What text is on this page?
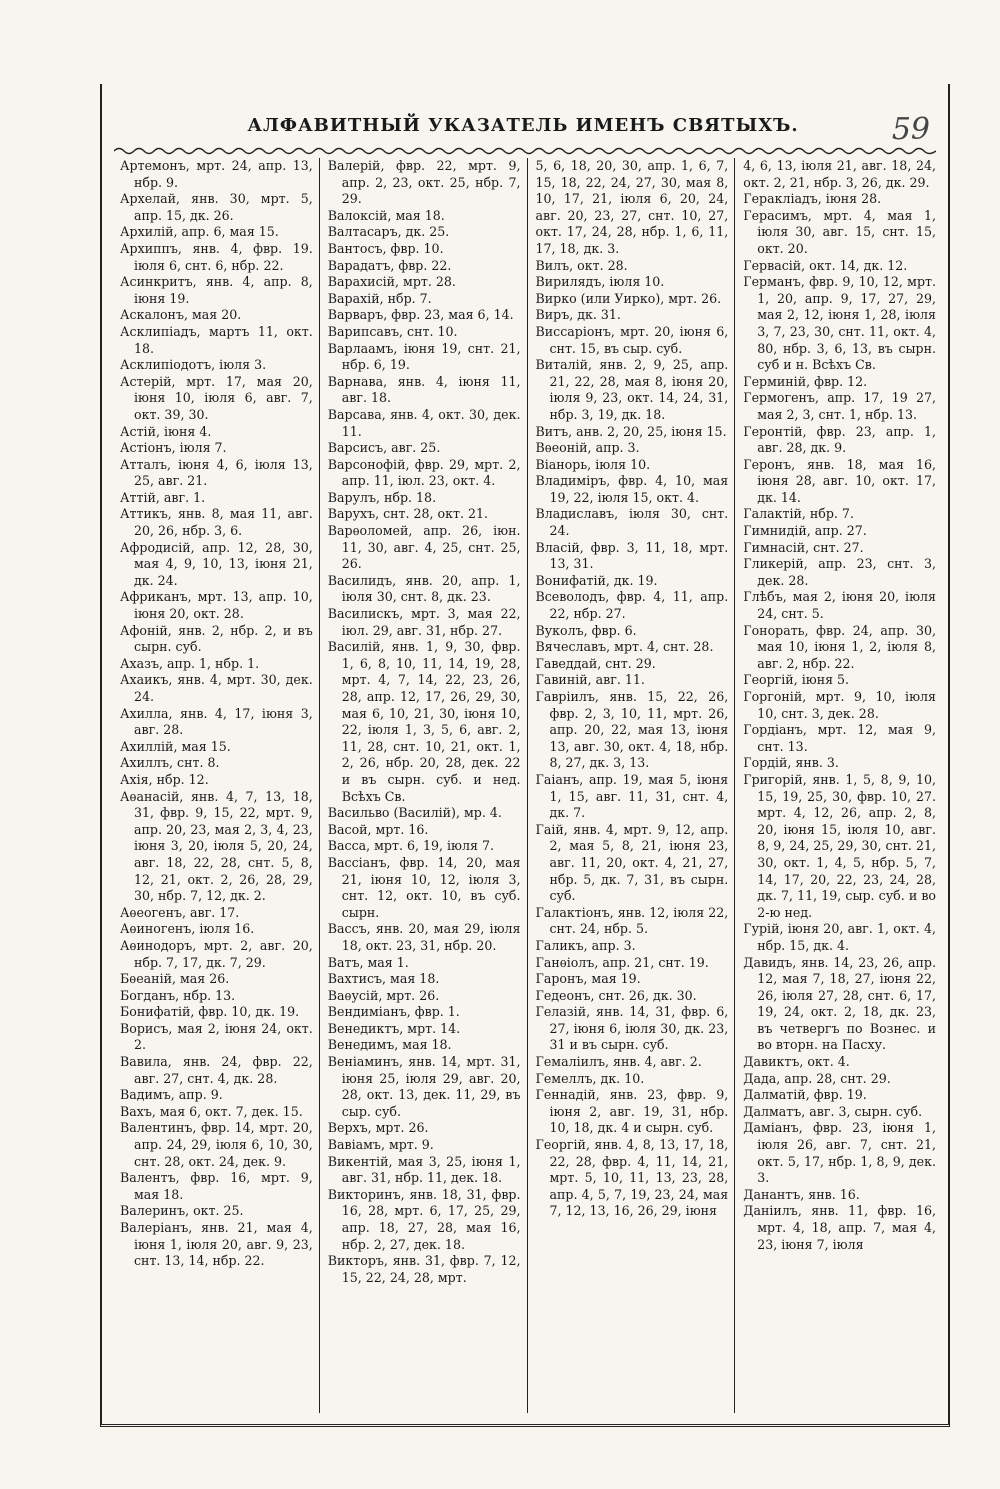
АЛФАВИТНЫЙ УКАЗАТЕЛЬ ИМЕНЪ СВЯТЫХЪ.	59
Артемонъ, мрт. 24, апр. 13, нбр. 9.
Архелай, янв. 30, мрт. 5, апр. 15, дк. 26.
Архилій, апр. 6, мая 15.
Архиппъ, янв. 4, фвр. 19. іюля 6, снт. 6, нбр. 22.
Асинкритъ, янв. 4, апр. 8, іюня 19.
Аскалонъ, мая 20.
Асклипіадъ, мартъ 11, окт. 18.
Асклипіодотъ, іюля 3.
Астерій, мрт. 17, мая 20, іюня 10, іюля 6, авг. 7, окт. 39, 30.
Астій, іюня 4.
Астіонъ, іюля 7.
Атталъ, іюня 4, 6, іюля 13, 25, авг. 21.
Аттій, авг. 1.
Аттикъ, янв. 8, мая 11, авг. 20, 26, нбр. 3, 6.
Афродисій, апр. 12, 28, 30, мая 4, 9, 10, 13, іюня 21, дк. 24.
Африканъ, мрт. 13, апр. 10, іюня 20, окт. 28.
Афоній, янв. 2, нбр. 2, и въ сырн. суб.
Ахазъ, апр. 1, нбр. 1.
Ахаикъ, янв. 4, мрт. 30, дек. 24.
Ахилла, янв. 4, 17, іюня 3, авг. 28.
Ахиллій, мая 15.
Ахиллъ, снт. 8.
Ахія, нбр. 12.
Аѳанасій, янв. 4, 7, 13, 18, 31, фвр. 9, 15, 22, мрт. 9, апр. 20, 23, мая 2, 3, 4, 23, іюня 3, 20, іюля 5, 20, 24, авг. 18, 22, 28, снт. 5, 8, 12, 21, окт. 2, 26, 28, 29, 30, нбр. 7, 12, дк. 2.
Аѳеогенъ, авг. 17.
Аѳиногенъ, іюля 16.
Аѳинодоръ, мрт. 2, авг. 20, нбр. 7, 17, дк. 7, 29.
Бѳеаній, мая 26.
Богданъ, нбр. 13.
Бонифатій, фвр. 10, дк. 19.
Ворисъ, мая 2, іюня 24, окт. 2.
Вавила, янв. 24, фвр. 22, авг. 27, снт. 4, дк. 28.
Вадимъ, апр. 9.
Вахъ, мая 6, окт. 7, дек. 15.
Валентинъ, фвр. 14, мрт. 20, апр. 24, 29, іюля 6, 10, 30, снт. 28, окт. 24, дек. 9.
Валентъ, фвр. 16, мрт. 9, мая 18.
Валеринъ, окт. 25.
Валеріанъ, янв. 21, мая 4, іюня 1, іюля 20, авг. 9, 23, снт. 13, 14, нбр. 22.
Валерій, фвр. 22, мрт. 9, апр. 2, 23, окт. 25, нбр. 7, 29.
Валоксій, мая 18.
Валтасаръ, дк. 25.
Вантосъ, фвр. 10.
Варадатъ, фвр. 22.
Варахисій, мрт. 28.
Варахій, нбр. 7.
Варваръ, фвр. 23, мая 6, 14.
Варипсавъ, снт. 10.
Варлаамъ, іюня 19, снт. 21, нбр. 6, 19.
Варнава, янв. 4, іюня 11, авг. 18.
Варсава, янв. 4, окт. 30, дек. 11.
Варсисъ, авг. 25.
Варсонофій, фвр. 29, мрт. 2, апр. 11, іюл. 23, окт. 4.
Варулъ, нбр. 18.
Варухъ, снт. 28, окт. 21.
Варѳоломей, апр. 26, іюн. 11, 30, авг. 4, 25, снт. 25, 26.
Василидъ, янв. 20, апр. 1, іюля 30, снт. 8, дк. 23.
Василискъ, мрт. 3, мая 22, іюл. 29, авг. 31, нбр. 27.
Василій, янв. 1, 9, 30, фвр. 1, 6, 8, 10, 11, 14, 19, 28, мрт. 4, 7, 14, 22, 23, 26, 28, апр. 12, 17, 26, 29, 30, мая 6, 10, 21, 30, іюня 10, 22, іюля 1, 3, 5, 6, авг. 2, 11, 28, снт. 10, 21, окт. 1, 2, 26, нбр. 20, 28, дек. 22 и въ сырн. суб. и нед. Всѣхъ Св.
Васильво (Василій), мр. 4.
Васой, мрт. 16.
Васса, мрт. 6, 19, іюля 7.
Вассіанъ, фвр. 14, 20, мая 21, іюня 10, 12, іюля 3, снт. 12, окт. 10, въ суб. сырн.
Вассъ, янв. 20, мая 29, іюля 18, окт. 23, 31, нбр. 20.
Ватъ, мая 1.
Вахтисъ, мая 18.
Ваѳусій, мрт. 26.
Вендиміанъ, фвр. 1.
Венедиктъ, мрт. 14.
Венедимъ, мая 18.
Веніаминъ, янв. 14, мрт. 31, іюня 25, іюля 29, авг. 20, 28, окт. 13, дек. 11, 29, въ сыр. суб.
Верхъ, мрт. 26.
Вавіамъ, мрт. 9.
Викентій, мая 3, 25, іюня 1, авг. 31, нбр. 11, дек. 18.
Викторинъ, янв. 18, 31, фвр. 16, 28, мрт. 6, 17, 25, 29, апр. 18, 27, 28, мая 16, нбр. 2, 27, дек. 18.
Викторъ, янв. 31, фвр. 7, 12, 15, 22, 24, 28, мрт.
5, 6, 18, 20, 30, апр. 1, 6, 7, 15, 18, 22, 24, 27, 30, мая 8, 10, 17, 21, іюля 6, 20, 24, авг. 20, 23, 27, снт. 10, 27, окт. 17, 24, 28, нбр. 1, 6, 11, 17, 18, дк. 3.
Вилъ, окт. 28.
Вирилядъ, іюля 10.
Вирко (или Уирко), мрт. 26.
Виръ, дк. 31.
Виссаріонъ, мрт. 20, іюня 6, снт. 15, въ сыр. суб.
Виталій, янв. 2, 9, 25, апр. 21, 22, 28, мая 8, іюня 20, іюля 9, 23, окт. 14, 24, 31, нбр. 3, 19, дк. 18.
Витъ, анв. 2, 20, 25, іюня 15.
Вѳеоній, апр. 3.
Віанорь, іюля 10.
Владиміръ, фвр. 4, 10, мая 19, 22, іюля 15, окт. 4.
Владиславъ, іюля 30, снт. 24.
Власій, фвр. 3, 11, 18, мрт. 13, 31.
Вонифатій, дк. 19.
Всеволодъ, фвр. 4, 11, апр. 22, нбр. 27.
Вуколъ, фвр. 6.
Вячеславъ, мрт. 4, снт. 28.
Гаведдай, снт. 29.
Гавиній, авг. 11.
Гавріилъ, янв. 15, 22, 26, фвр. 2, 3, 10, 11, мрт. 26, апр. 20, 22, мая 13, іюня 13, авг. 30, окт. 4, 18, нбр. 8, 27, дк. 3, 13.
Гаіанъ, апр. 19, мая 5, іюня 1, 15, авг. 11, 31, снт. 4, дк. 7.
Гаій, янв. 4, мрт. 9, 12, апр. 2, мая 5, 8, 21, іюня 23, авг. 11, 20, окт. 4, 21, 27, нбр. 5, дк. 7, 31, въ сырн. суб.
Галактіонъ, янв. 12, іюля 22, снт. 24, нбр. 5.
Галикъ, апр. 3.
Ганѳіолъ, апр. 21, снт. 19.
Гаронъ, мая 19.
Гедеонъ, снт. 26, дк. 30.
Гелазій, янв. 14, 31, фвр. 6, 27, іюня 6, іюля 30, дк. 23, 31 и въ сырн. суб.
Гемаліилъ, янв. 4, авг. 2.
Гемеллъ, дк. 10.
Геннадій, янв. 23, фвр. 9, іюня 2, авг. 19, 31, нбр. 10, 18, дк. 4 и сырн. суб.
Георгій, янв. 4, 8, 13, 17, 18, 22, 28, фвр. 4, 11, 14, 21, мрт. 5, 10, 11, 13, 23, 28, апр. 4, 5, 7, 19, 23, 24, мая 7, 12, 13, 16, 26, 29, іюня
4, 6, 13, іюля 21, авг. 18, 24, окт. 2, 21, нбр. 3, 26, дк. 29.
Геракліадъ, іюня 28.
Герасимъ, мрт. 4, мая 1, іюля 30, авг. 15, снт. 15, окт. 20.
Гервасій, окт. 14, дк. 12.
Германъ, фвр. 9, 10, 12, мрт. 1, 20, апр. 9, 17, 27, 29, мая 2, 12, іюня 1, 28, іюля 3, 7, 23, 30, снт. 11, окт. 4, 80, нбр. 3, 6, 13, въ сырн. суб и н. Всѣхъ Св.
Герминій, фвр. 12.
Гермогенъ, апр. 17, 19 27, мая 2, 3, снт. 1, нбр. 13.
Геронтій, фвр. 23, апр. 1, авг. 28, дк. 9.
Геронъ, янв. 18, мая 16, іюня 28, авг. 10, окт. 17, дк. 14.
Галактій, нбр. 7.
Гимнидій, апр. 27.
Гимнасій, снт. 27.
Гликерій, апр. 23, снт. 3, дек. 28.
Глѣбъ, мая 2, іюня 20, іюля 24, снт. 5.
Гонорать, фвр. 24, апр. 30, мая 10, іюня 1, 2, іюля 8, авг. 2, нбр. 22.
Георгій, іюня 5.
Горгоній, мрт. 9, 10, іюля 10, снт. 3, дек. 28.
Гордіанъ, мрт. 12, мая 9, снт. 13.
Гордій, янв. 3.
Григорій, янв. 1, 5, 8, 9, 10, 15, 19, 25, 30, фвр. 10, 27. мрт. 4, 12, 26, апр. 2, 8, 20, іюня 15, іюля 10, авг. 8, 9, 24, 25, 29, 30, снт. 21, 30, окт. 1, 4, 5, нбр. 5, 7, 14, 17, 20, 22, 23, 24, 28, дк. 7, 11, 19, сыр. суб. и во 2-ю нед.
Гурій, іюня 20, авг. 1, окт. 4, нбр. 15, дк. 4.
Давидъ, янв. 14, 23, 26, апр. 12, мая 7, 18, 27, іюня 22, 26, іюля 27, 28, снт. 6, 17, 19, 24, окт. 2, 18, дк. 23, въ четвергъ по Вознес. и во вторн. на Пасху.
Давиктъ, окт. 4.
Дада, апр. 28, снт. 29.
Далматій, фвр. 19.
Далматъ, авг. 3, сырн. суб.
Даміанъ, фвр. 23, іюня 1, іюля 26, авг. 7, снт. 21, окт. 5, 17, нбр. 1, 8, 9, дек. 3.
Данантъ, янв. 16.
Даніилъ, янв. 11, фвр. 16, мрт. 4, 18, апр. 7, мая 4, 23, іюня 7, іюля
